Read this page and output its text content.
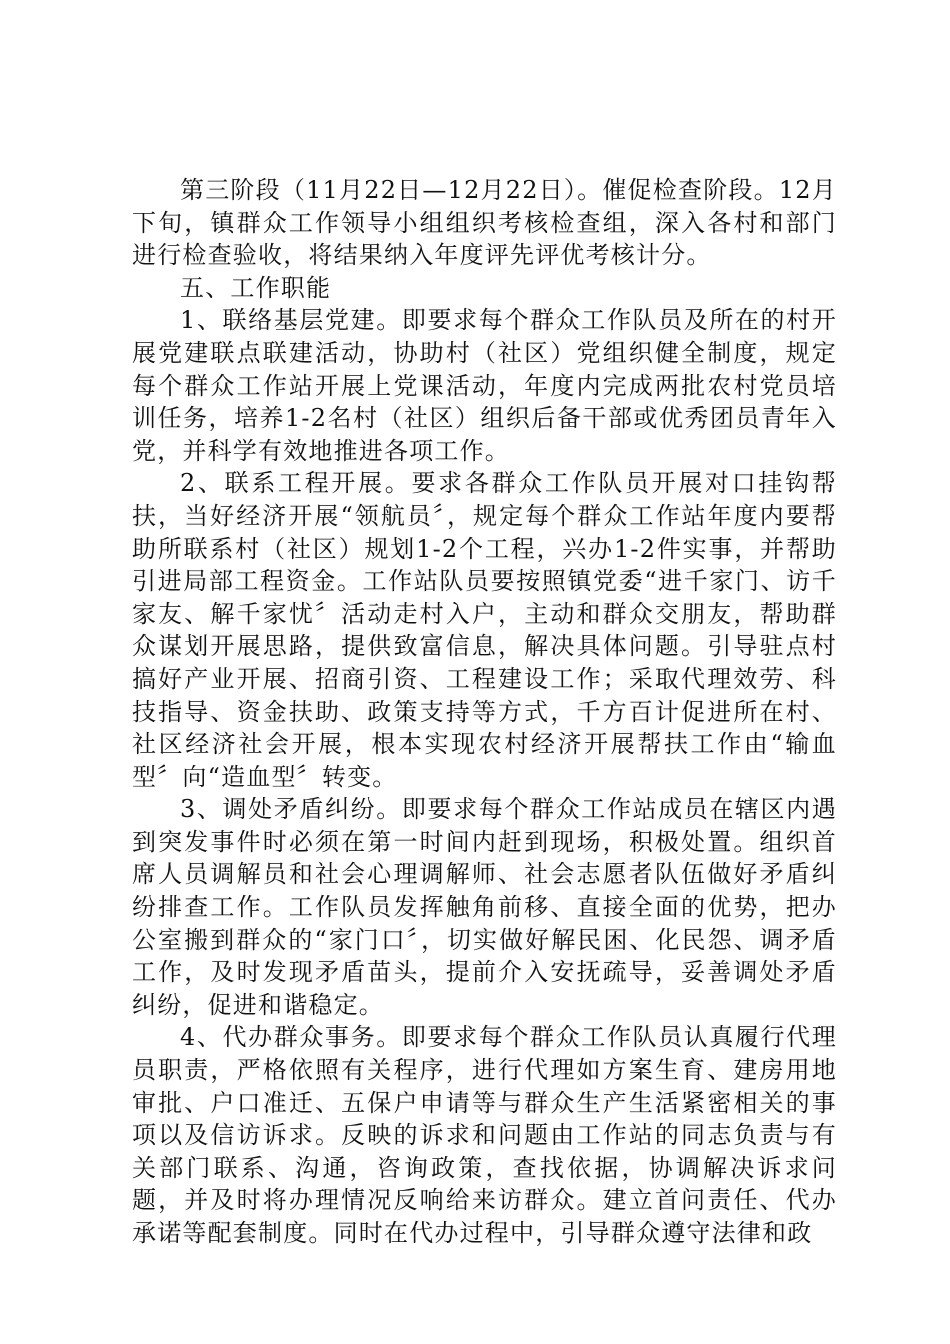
第三阶段（11月22日—12月22日）。催促检查阶段。12月下旬，镇群众工作领导小组组织考核检查组，深入各村和部门进行检查验收，将结果纳入年度评先评优考核计分。

五、工作职能

1、联络基层党建。即要求每个群众工作队员及所在的村开展党建联点联建活动，协助村（社区）党组织健全制度，规定每个群众工作站开展上党课活动，年度内完成两批农村党员培训任务，培养1-2名村（社区）组织后备干部或优秀团员青年入党，并科学有效地推进各项工作。

2、联系工程开展。要求各群众工作队员开展对口挂钩帮扶，当好经济开展“领航员〞，规定每个群众工作站年度内要帮助所联系村（社区）规划1-2个工程，兴办1-2件实事，并帮助引进局部工程资金。工作站队员要按照镇党委“进千家门、访千家友、解千家忧〞活动走村入户，主动和群众交朋友，帮助群众谋划开展思路，提供致富信息，解决具体问题。引导驻点村搞好产业开展、招商引资、工程建设工作；采取代理效劳、科技指导、资金扶助、政策支持等方式，千方百计促进所在村、社区经济社会开展，根本实现农村经济开展帮扶工作由“输血型〞向“造血型〞转变。

3、调处矛盾纠纷。即要求每个群众工作站成员在辖区内遇到突发事件时必须在第一时间内赶到现场，积极处置。组织首席人员调解员和社会心理调解师、社会志愿者队伍做好矛盾纠纷排查工作。工作队员发挥触角前移、直接全面的优势，把办公室搬到群众的“家门口〞，切实做好解民困、化民怨、调矛盾工作，及时发现矛盾苗头，提前介入安抚疏导，妥善调处矛盾纠纷，促进和谐稳定。

4、代办群众事务。即要求每个群众工作队员认真履行代理员职责，严格依照有关程序，进行代理如方案生育、建房用地审批、户口准迁、五保户申请等与群众生产生活紧密相关的事项以及信访诉求。反映的诉求和问题由工作站的同志负责与有关部门联系、沟通，咨询政策，查找依据，协调解决诉求问题，并及时将办理情况反响给来访群众。建立首问责任、代办承诺等配套制度。同时在代办过程中，引导群众遵守法律和政
